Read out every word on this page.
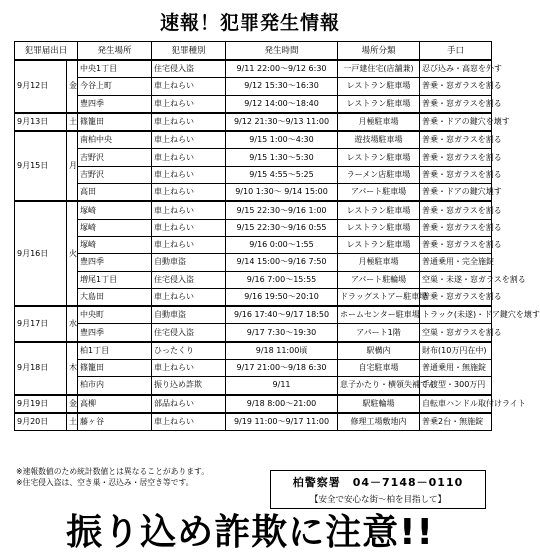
速報！犯罪発生情報
犯罪届出日		発生場所	犯罪種別	発生時間	場所分類	手口
9月12日	金	中央1丁目	住宅侵入盗	9/11 22:00～9/12 6:30	一戸建住宅(店舗兼)	忍び込み・高窓を外す
		今谷上町	車上ねらい	9/12 15:30～16:30	レストラン駐車場	普乗・窓ガラスを割る
		豊四季	車上ねらい	9/12 14:00～18:40	レストラン駐車場	普乗・窓ガラスを割る
9月13日	土	篠籠田	車上ねらい	9/12 21:30～9/13 11:00	月極駐車場	普乗・ドアの鍵穴を壊す
9月15日	月	南柏中央	車上ねらい	9/15 1:00～4:30	遊技場駐車場	普乗・窓ガラスを割る
		吉野沢	車上ねらい	9/15 1:30～5:30	レストラン駐車場	普乗・窓ガラスを割る
		吉野沢	車上ねらい	9/15 4:55～5:25	ラーメン店駐車場	普乗・窓ガラスを割る
		高田	車上ねらい	9/10 1:30～ 9/14 15:00	アパート駐車場	普乗・ドアの鍵穴壊す
9月16日	火	塚崎	車上ねらい	9/15 22:30～9/16 1:00	レストラン駐車場	普乗・窓ガラスを割る
		塚崎	車上ねらい	9/15 22:30～9/16 0:55	レストラン駐車場	普乗・窓ガラスを割る
		塚崎	車上ねらい	9/16 0:00～1:55	レストラン駐車場	普乗・窓ガラスを割る
		豊四季	自動車盗	9/14 15:00～9/16 7:50	月極駐車場	普通乗用・完全施錠
		増尾1丁目	住宅侵入盗	9/16 7:00～15:55	アパート駐輪場	空巣・未遂・窓ガラスを割る
		大島田	車上ねらい	9/16 19:50～20:10	ドラッグストアー駐車場	普乗・窓ガラスを割る
9月17日	水	中央町	自動車盗	9/16 17:40～9/17 18:50	ホームセンター駐車場	トラック(未遂)・ドア鍵穴を壊す
		豊四季	住宅侵入盗	9/17 7:30～19:30	アパート1階	空巣・窓ガラスを割る
9月18日	木	柏1丁目	ひったくり	9/18 11:00頃	駅構内	財布(10万円在中)
		篠籠田	車上ねらい	9/17 21:00～9/18 6:30	自宅駐車場	普通乗用・無施錠
		柏市内	振り込め詐欺	9/11	息子かたり・横領失補てん	手渡型・300万円
9月19日	金	高柳	部品ねらい	9/18 8:00～21:00	駅駐輪場	自転車ハンドル取付けライト
9月20日	土	藤ヶ谷	車上ねらい	9/19 11:00～9/17 11:00	修理工場敷地内	普乗2台・無施錠
※速報数値のため統計数値とは異なることがあります。
※住宅侵入盗は、空き巣・忍込み・居空き等です。	柏警察署　04－7148－0110
【安全で安心な街～柏を目指して】
振り込め詐欺に注意!!
